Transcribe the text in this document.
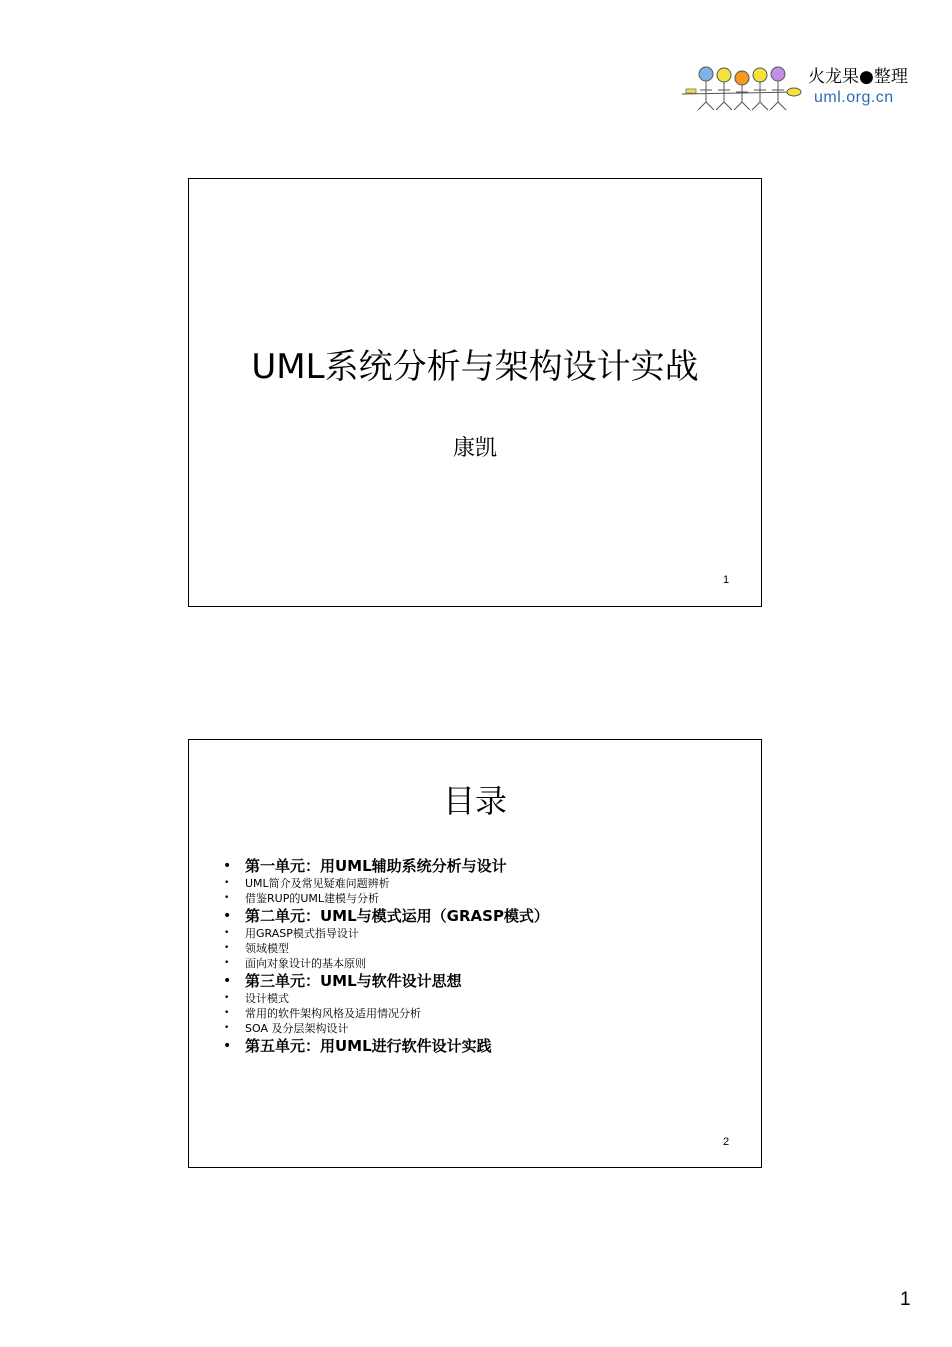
火龙果●整理
uml.org.cn
UML系统分析与架构设计实战
康凯
1
目录
• 第一单元：用UML辅助系统分析与设计
• UML简介及常见疑难问题辨析
• 借鉴RUP的UML建模与分析
• 第二单元：UML与模式运用（GRASP模式）
• 用GRASP模式指导设计
• 领域模型
• 面向对象设计的基本原则
• 第三单元：UML与软件设计思想
• 设计模式
• 常用的软件架构风格及适用情况分析
• SOA 及分层架构设计
• 第五单元：用UML进行软件设计实践
2
1
